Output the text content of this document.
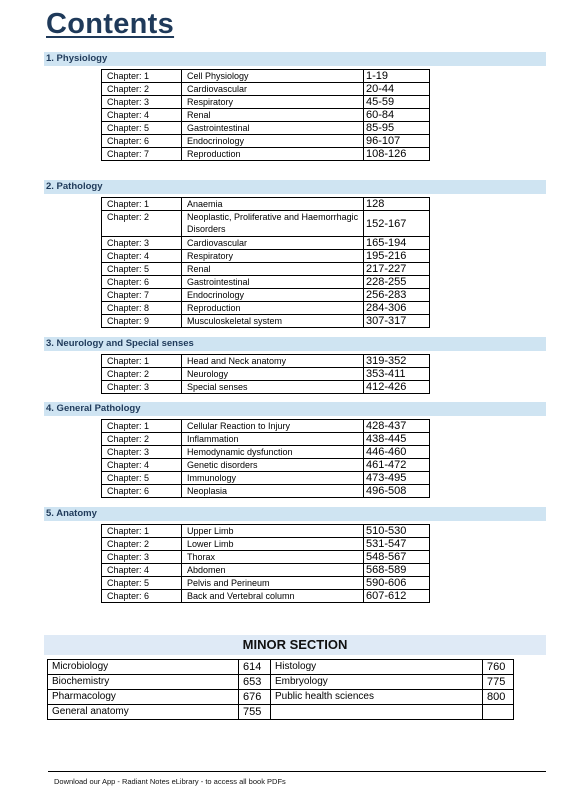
Contents
1. Physiology
Chapter: 1	Cell Physiology	1-19
Chapter: 2	Cardiovascular	20-44
Chapter: 3	Respiratory	45-59
Chapter: 4	Renal	60-84
Chapter: 5	Gastrointestinal	85-95
Chapter: 6	Endocrinology	96-107
Chapter: 7	Reproduction	108-126
2. Pathology
Chapter: 1	Anaemia	128
Chapter: 2	Neoplastic, Proliferative and Haemorrhagic Disorders	152-167
Chapter: 3	Cardiovascular	165-194
Chapter: 4	Respiratory	195-216
Chapter: 5	Renal	217-227
Chapter: 6	Gastrointestinal	228-255
Chapter: 7	Endocrinology	256-283
Chapter: 8	Reproduction	284-306
Chapter: 9	Musculoskeletal system	307-317
3. Neurology and Special senses
Chapter: 1	Head and Neck anatomy	319-352
Chapter: 2	Neurology	353-411
Chapter: 3	Special senses	412-426
4. General Pathology
Chapter: 1	Cellular Reaction to Injury	428-437
Chapter: 2	Inflammation	438-445
Chapter: 3	Hemodynamic dysfunction	446-460
Chapter: 4	Genetic disorders	461-472
Chapter: 5	Immunology	473-495
Chapter: 6	Neoplasia	496-508
5. Anatomy
Chapter: 1	Upper Limb	510-530
Chapter: 2	Lower Limb	531-547
Chapter: 3	Thorax	548-567
Chapter: 4	Abdomen	568-589
Chapter: 5	Pelvis and Perineum	590-606
Chapter: 6	Back and Vertebral column	607-612
MINOR SECTION
Microbiology	614	Histology	760
Biochemistry	653	Embryology	775
Pharmacology	676	Public health sciences	800
General anatomy	755		
Download our App - Radiant Notes eLibrary - to access all book PDFs
